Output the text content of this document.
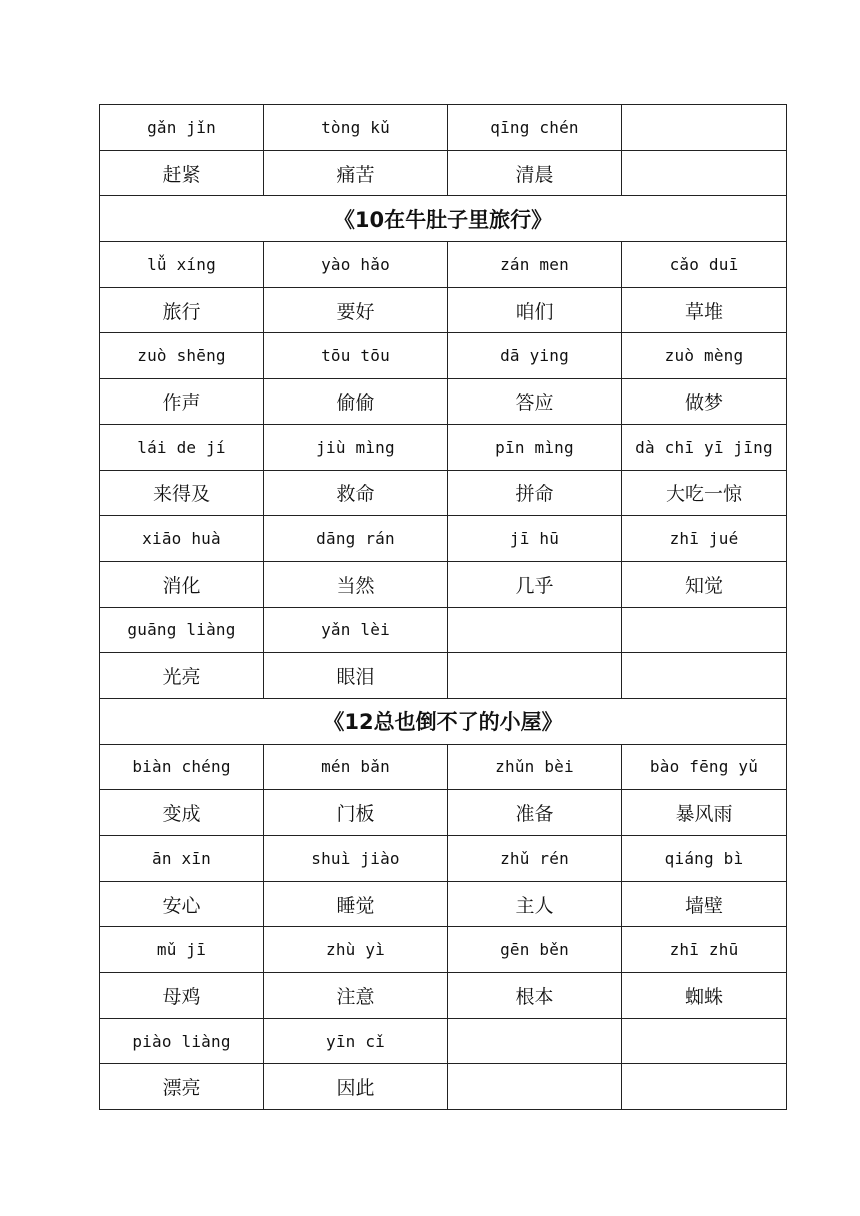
gǎn jǐn	tòng kǔ	qīng chén	
赶紧	痛苦	清晨	
《10在牛肚子里旅行》			
lǚ xíng	yào hǎo	zán men	cǎo duī
旅行	要好	咱们	草堆
zuò shēng	tōu tōu	dā ying	zuò mèng
作声	偷偷	答应	做梦
lái de jí	jiù mìng	pīn mìng	dà chī yī jīng
来得及	救命	拼命	大吃一惊
xiāo huà	dāng rán	jī hū	zhī jué
消化	当然	几乎	知觉
guāng liàng	yǎn lèi		
光亮	眼泪		
《12总也倒不了的小屋》			
biàn chéng	mén bǎn	zhǔn bèi	bào fēng yǔ
变成	门板	准备	暴风雨
ān xīn	shuì jiào	zhǔ rén	qiáng bì
安心	睡觉	主人	墙壁
mǔ jī	zhù yì	gēn běn	zhī zhū
母鸡	注意	根本	蜘蛛
piào liàng	yīn cǐ		
漂亮	因此		
